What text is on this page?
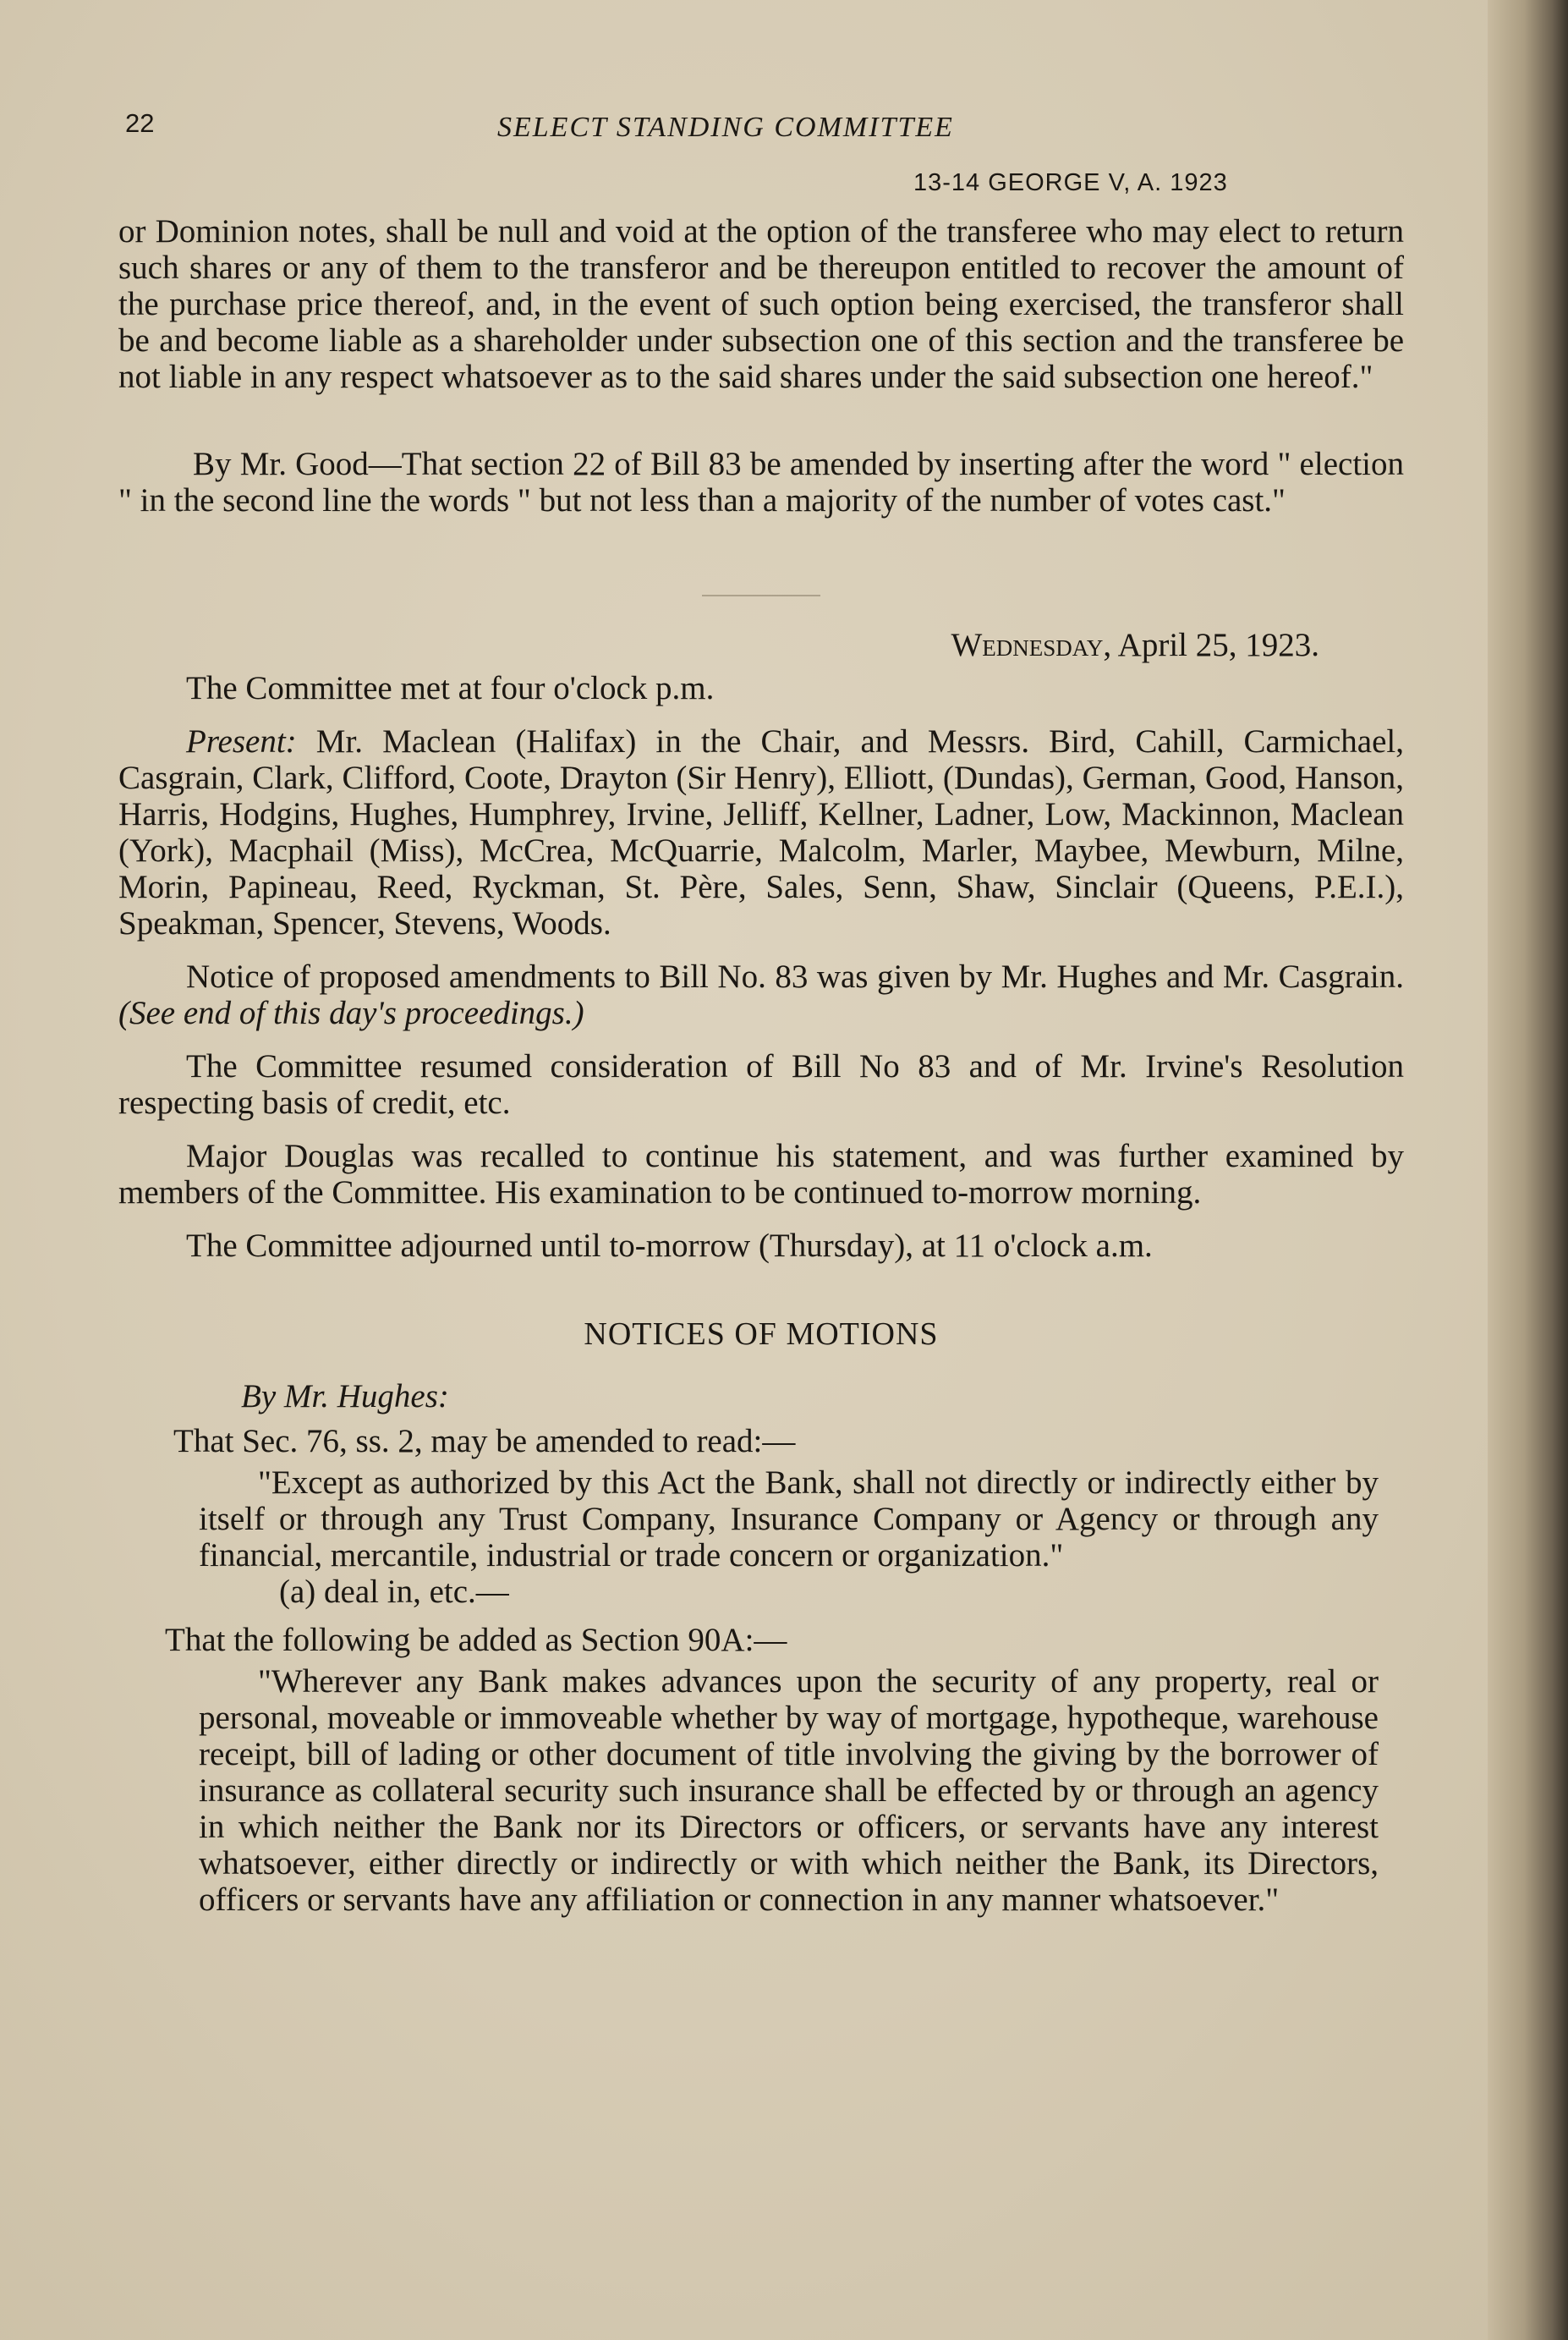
22	SELECT STANDING COMMITTEE
13-14 GEORGE V, A. 1923

or Dominion notes, shall be null and void at the option of the transferee who may elect to return such shares or any of them to the transferor and be thereupon entitled to recover the amount of the purchase price thereof, and, in the event of such option being exercised, the transferor shall be and become liable as a shareholder under subsection one of this section and the transferee be not liable in any respect whatsoever as to the said shares under the said subsection one hereof."

By Mr. Good—That section 22 of Bill 83 be amended by inserting after the word " election " in the second line the words " but not less than a majority of the number of votes cast."

Wednesday, April 25, 1923.

The Committee met at four o'clock p.m.

Present: Mr. Maclean (Halifax) in the Chair, and Messrs. Bird, Cahill, Carmichael, Casgrain, Clark, Clifford, Coote, Drayton (Sir Henry), Elliott, (Dundas), German, Good, Hanson, Harris, Hodgins, Hughes, Humphrey, Irvine, Jelliff, Kellner, Ladner, Low, Mackinnon, Maclean (York), Macphail (Miss), McCrea, McQuarrie, Malcolm, Marler, Maybee, Mewburn, Milne, Morin, Papineau, Reed, Ryckman, St. Père, Sales, Senn, Shaw, Sinclair (Queens, P.E.I.), Speakman, Spencer, Stevens, Woods.

Notice of proposed amendments to Bill No. 83 was given by Mr. Hughes and Mr. Casgrain. (See end of this day's proceedings.)

The Committee resumed consideration of Bill No 83 and of Mr. Irvine's Resolution respecting basis of credit, etc.

Major Douglas was recalled to continue his statement, and was further examined by members of the Committee. His examination to be continued to-morrow morning.

The Committee adjourned until to-morrow (Thursday), at 11 o'clock a.m.

NOTICES OF MOTIONS

By Mr. Hughes:

That Sec. 76, ss. 2, may be amended to read:—

"Except as authorized by this Act the Bank, shall not directly or indirectly either by itself or through any Trust Company, Insurance Company or Agency or through any financial, mercantile, industrial or trade concern or organization."

(a) deal in, etc.—

That the following be added as Section 90A:—

"Wherever any Bank makes advances upon the security of any property, real or personal, moveable or immoveable whether by way of mortgage, hypotheque, warehouse receipt, bill of lading or other document of title involving the giving by the borrower of insurance as collateral security such insurance shall be effected by or through an agency in which neither the Bank nor its Directors or officers, or servants have any interest whatsoever, either directly or indirectly or with which neither the Bank, its Directors, officers or servants have any affiliation or connection in any manner whatsoever."
